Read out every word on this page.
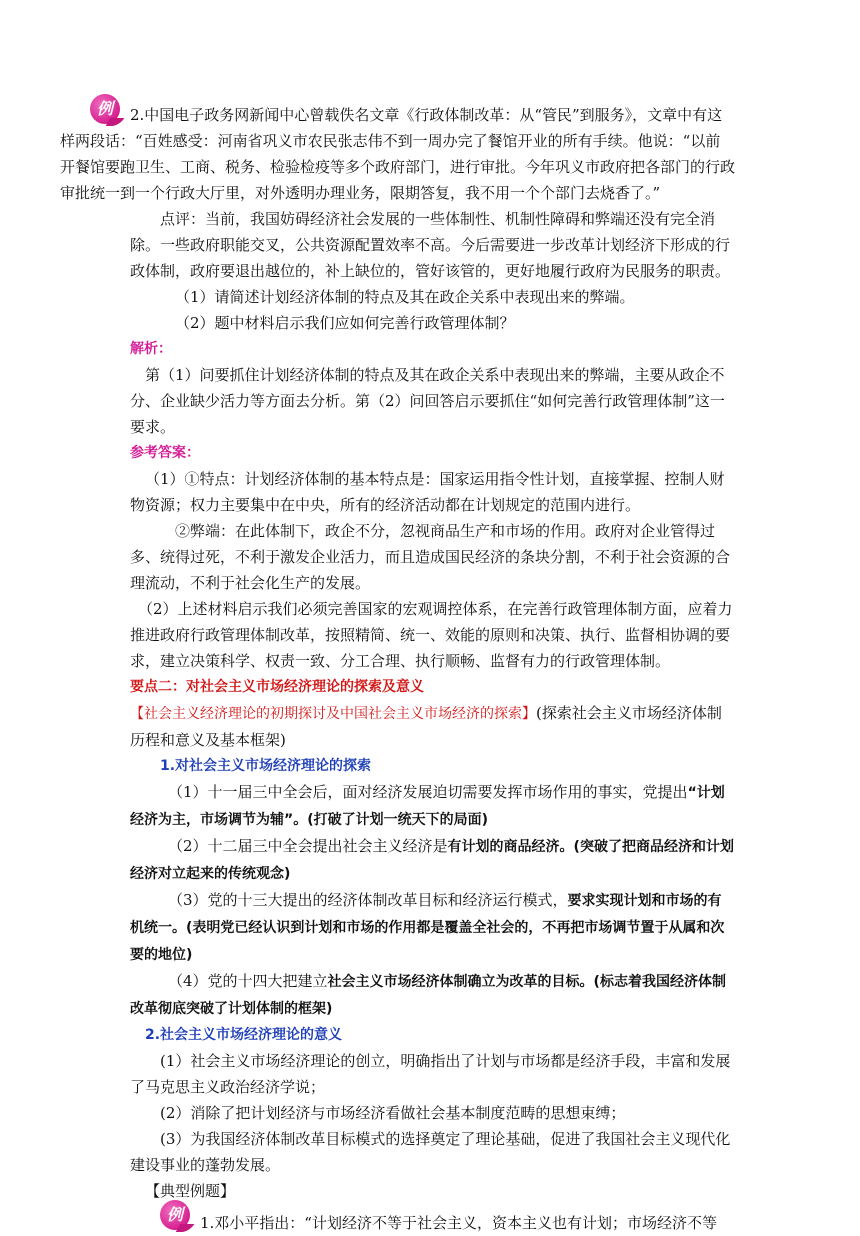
例	2.中国电子政务网新闻中心曾载佚名文章《行政体制改革：从“管民”到服务》，文章中有这样两段话：“百姓感受：河南省巩义市农民张志伟不到一周办完了餐馆开业的所有手续。他说：“以前开餐馆要跑卫生、工商、税务、检验检疫等多个政府部门，进行审批。今年巩义市政府把各部门的行政审批统一到一个行政大厅里，对外透明办理业务，限期答复，我不用一个个部门去烧香了。”

点评：当前，我国妨碍经济社会发展的一些体制性、机制性障碍和弊端还没有完全消除。一些政府职能交叉，公共资源配置效率不高。今后需要进一步改革计划经济下形成的行政体制，政府要退出越位的，补上缺位的，管好该管的，更好地履行政府为民服务的职责。

（1）请简述计划经济体制的特点及其在政企关系中表现出来的弊端。

（2）题中材料启示我们应如何完善行政管理体制？

解析：

第（1）问要抓住计划经济体制的特点及其在政企关系中表现出来的弊端，主要从政企不分、企业缺少活力等方面去分析。第（2）问回答启示要抓住“如何完善行政管理体制”这一要求。

参考答案：

（1）①特点：计划经济体制的基本特点是：国家运用指令性计划，直接掌握、控制人财物资源；权力主要集中在中央，所有的经济活动都在计划规定的范围内进行。

②弊端：在此体制下，政企不分，忽视商品生产和市场的作用。政府对企业管得过多、统得过死，不利于激发企业活力，而且造成国民经济的条块分割，不利于社会资源的合理流动，不利于社会化生产的发展。

（2）上述材料启示我们必须完善国家的宏观调控体系，在完善行政管理体制方面，应着力推进政府行政管理体制改革，按照精简、统一、效能的原则和决策、执行、监督相协调的要求，建立决策科学、权责一致、分工合理、执行顺畅、监督有力的行政管理体制。

要点二：对社会主义市场经济理论的探索及意义

【社会主义经济理论的初期探讨及中国社会主义市场经济的探索】(探索社会主义市场经济体制历程和意义及基本框架)

1.对社会主义市场经济理论的探索

（1）十一届三中全会后，面对经济发展迫切需要发挥市场作用的事实，党提出“计划经济为主，市场调节为辅”。(打破了计划一统天下的局面)

（2）十二届三中全会提出社会主义经济是有计划的商品经济。(突破了把商品经济和计划经济对立起来的传统观念)

（3）党的十三大提出的经济体制改革目标和经济运行模式，要求实现计划和市场的有机统一。(表明党已经认识到计划和市场的作用都是覆盖全社会的，不再把市场调节置于从属和次要的地位)

（4）党的十四大把建立社会主义市场经济体制确立为改革的目标。(标志着我国经济体制改革彻底突破了计划体制的框架)

2.社会主义市场经济理论的意义

(1）社会主义市场经济理论的创立，明确指出了计划与市场都是经济手段，丰富和发展了马克思主义政治经济学说；

(2）消除了把计划经济与市场经济看做社会基本制度范畴的思想束缚；

(3）为我国经济体制改革目标模式的选择奠定了理论基础，促进了我国社会主义现代化建设事业的蓬勃发展。

【典型例题】

例	1.邓小平指出：“计划经济不等于社会主义，资本主义也有计划；市场经济不等
